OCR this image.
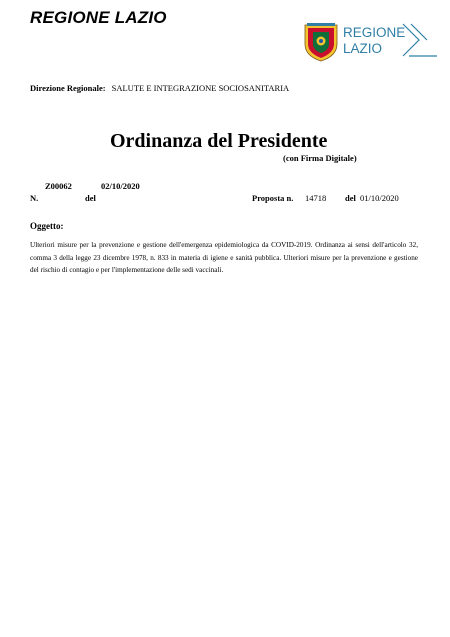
REGIONE LAZIO
REGIONE
LAZIO
Direzione Regionale: SALUTE E INTEGRAZIONE SOCIOSANITARIA
Ordinanza del Presidente
(con Firma Digitale)
Z00062	02/10/2020
N.	del	Proposta n. 14718 del 01/10/2020
Oggetto:
Ulteriori misure per la prevenzione e gestione dell'emergenza epidemiologica da COVID-2019. Ordinanza ai sensi dell'articolo 32, comma 3 della legge 23 dicembre 1978, n. 833 in materia di igiene e sanità pubblica. Ulteriori misure per la prevenzione e gestione del rischio di contagio e per l'implementazione delle sedi vaccinali.
